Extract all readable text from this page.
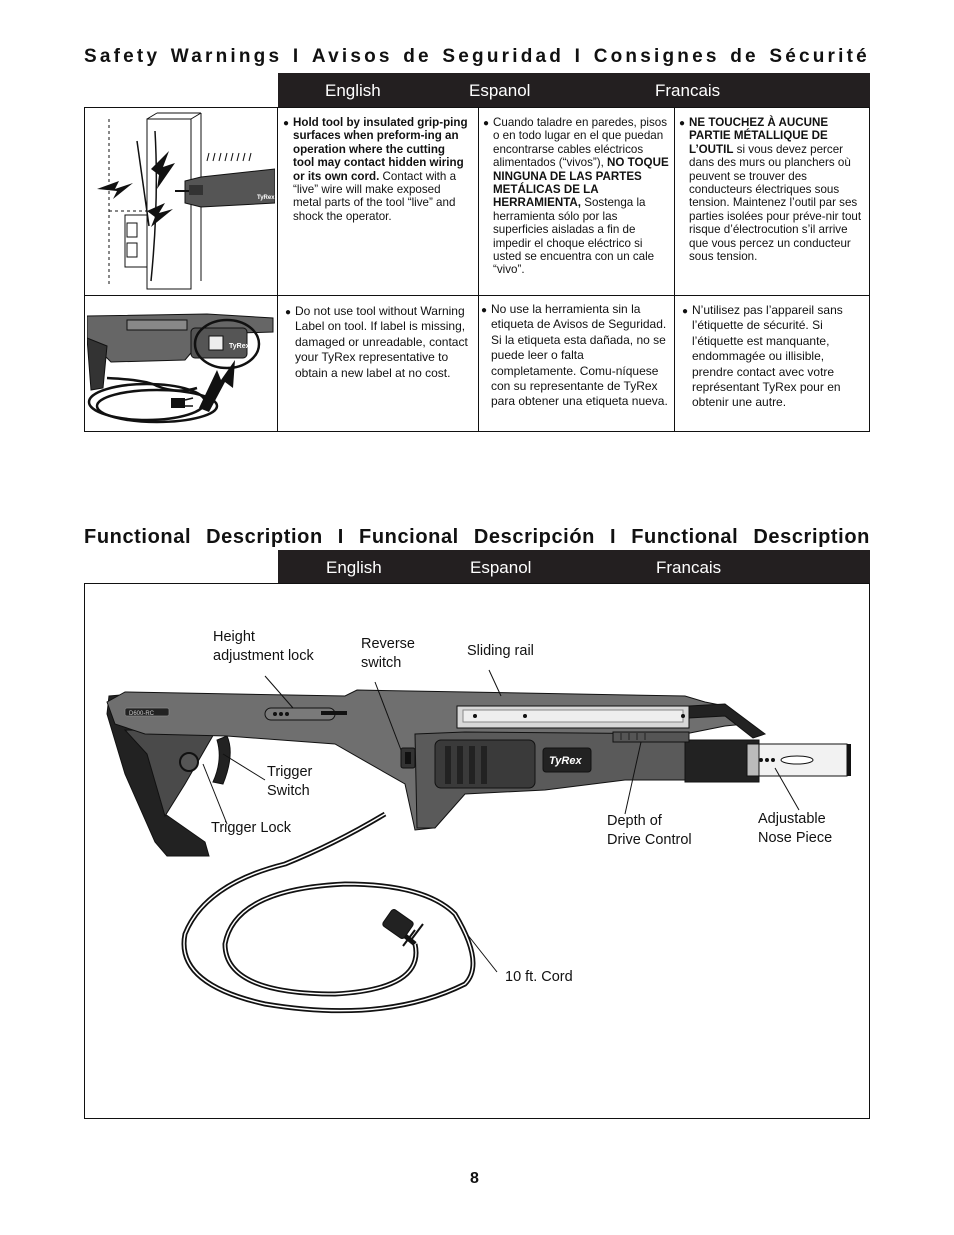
Safety Warnings I Avisos de Seguridad I Consignes de Sécurité
English	Espanol	Francais
TyRex
● Hold tool by insulated grip-ping surfaces when preform-ing an operation where the cutting tool may contact hidden wiring or its own cord. Contact with a “live” wire will make exposed metal parts of the tool “live” and shock the operator.
● Cuando taladre en paredes, pisos o en todo lugar en el que puedan encontrarse cables eléctricos alimentados (“vivos”), NO TOQUE NINGUNA DE LAS PARTES METÁLICAS DE LA HERRAMIENTA, Sostenga la herramienta sólo por las superficies aisladas a fin de impedir el choque eléctrico si usted se encuentra con un cale “vivo”.
● NE TOUCHEZ À AUCUNE PARTIE MÉTALLIQUE DE L’OUTIL si vous devez percer dans des murs ou planchers où peuvent se trouver des conducteurs électriques sous tension. Maintenez l’outil par ses parties isolées pour préve-nir tout risque d’électrocution s’il arrive que vous percez un conducteur sous tension.
TyRex
● Do not use tool without Warning Label on tool. If label is missing, damaged or unreadable, contact your TyRex representative to obtain a new label at no cost.
● No use la herramienta sin la etiqueta de Avisos de Seguridad. Si la etiqueta esta dañada, no se puede leer o falta completamente. Comu-níquese con su representante de TyRex para obtener una etiqueta nueva.
● N’utilisez pas l’appareil sans l’étiquette de sécurité. Si l’étiquette est manquante, endommagée ou illisible, prendre contact avec votre représentant TyRex pour en obtenir une autre.
Functional Description I Funcional Descripción I Functional Description
English	Espanol	Francais
D600-RC
TyRex
Height
adjustment lock
Reverse
switch
Sliding rail
Trigger
Switch
Trigger Lock	Depth of
Drive Control
Adjustable
Nose Piece
10 ft. Cord
8
